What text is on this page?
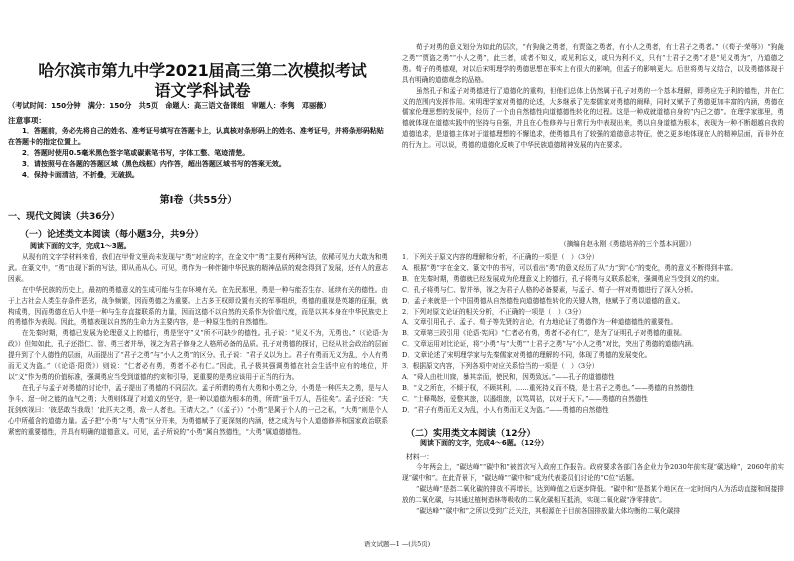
哈尔滨市第九中学2021届高三第二次模拟考试
语文学科试卷
（考试时间：150分钟　满分：150分　共5页　命题人：高三语文备课组　审题人：李隽　邓丽薇）
注意事项：

1．答题前，务必先将自己的姓名、准考证号填写在答题卡上，认真核对条形码上的姓名、准考证号，并将条形码粘贴在答题卡的指定位置上。

2．答题时使用0.5毫米黑色签字笔或碳素笔书写，字体工整、笔迹清楚。

3．请按照号在各题的答题区域（黑色线框）内作答，超出答题区域书写的答案无效。

4．保持卡面清洁，不折叠，无破损。

第Ⅰ卷（共55分）
一、现代文阅读（共36分）
（一）论述类文本阅读（每小题3分，共9分）
阅读下面的文字，完成1～3题。

从现有的文字学材料来看，我们在甲骨文里尚未发现与“勇”对应的字，在金文中“勇”主要有两种写法，依稀可见力大敢为和勇武。在篆文中，“勇”由现下新的写法，即从甬从心。可见，勇作为一种伴随中华民族的精神品质的观念得到了发展，还有人的意志因素。

在中华民族的历史上，最初的勇德意义的生成可能与生存环境有关。在先民那里，勇是一种与能否生存、延续有关的德性。由于上古社会人类生存条件恶劣，战争频繁，因而勇德之为重要。上古多王权即设置有关的军事组织，勇德的重视是英雄的征服，就构成勇，因而勇德在后人中是一种与生存直接联系的力量，因而这德不以自然的关系作为价值尺度，而是以其本身在中华民族史上的勇德作为表现。因此，勇德表现以自然的生命力为主要内容，是一种原生性的自然德性。

在先秦时期，勇德已发展为伦理意义上的德行，勇是坚守“义”所不可缺少的德性。孔子说：“见义不为，无勇也。”（《论语·为政》）但知如此，孔子还指仁、智、勇三者并举，视之为君子修身之人格所必备的品质。孔子对勇德的探讨，已经从社会政治的层面提升到了个人德性的层面，从而提出了“君子之勇”与“小人之勇”的区分。孔子说：“君子义以为上。君子有勇而无义为乱，小人有勇而无义为盗。”（《论语·阳货》）则说：“仁者必有勇，勇者不必有仁。”因此，孔子极其强调勇德在社会生活中应有的地位，并以“义”作为勇的价值标准，强调勇应当受到道德的约束和引导，更重要的是勇应该用于正当的行为。

在孔子与孟子对勇德的讨论中，孟子提出了勇德的不同层次。孟子所谓的勇有大勇和小勇之分，小勇是一种匹夫之勇，是与人争斗、逞一时之能的血气之勇；大勇则体现了对道义的坚守，是一种以道德为根本的勇，所谓“虽千万人，吾往矣”。孟子还说：“夫抚剑疾视曰：‘彼恶敢当我哉！’此匹夫之勇，敌一人者也。王请大之。”（《孟子》）“小勇”是属于个人的一己之私，“大勇”则是个人心中所蕴含的道德力量。孟子把“小勇”与“大勇”区分开来，为勇德赋予了更深刻的内涵，使之成为与个人道德修养和国家政治联系紧密的重要德性，并具有明确的道德意义。可见，孟子所说的“小勇”属自然德性，“大勇”属道德德性。

荀子对勇的意义划分为如此的层次，“有狗彘之勇者，有贾盗之勇者，有小人之勇者，有士君子之勇者。”（《荀子·荣辱》）“狗彘之勇”“贾盗之勇”“小人之勇”，此三者，或者不知义，或见利忘义，或只为利不义，只有“士君子之勇”才是“见义勇为”，乃道德之勇。荀子的勇德观，对以后宋明理学的勇德思想在事实上有很大的影响，但孟子的影响更大。后世将勇与义结合，以及勇德体现于具有明确的道德观念的品格。

虽然孔子和孟子对勇德进行了道德化的重构，但他们总体上仍然属于孔子对勇的一个基本理解，即勇应先于利的德性，并在仁义的范围内发挥作用。宋明理学家对勇德的论述，大多继承了先秦儒家对勇德的阐释，同时又赋予了勇德更加丰富的内涵，勇德在儒家伦理思想的发展中，经历了一个由自然德性向道德德性转化的过程。这是一种成就道德自身的“内己之德”。在理学家那里，勇德就体现在道德实践中的坚持与自强，并且在心性修养与日常行为中表现出来，勇以自身道德为根本，表现为一种不断超越自我的道德追求，是道德主体对于道德理想的不懈追求，使勇德具有了较强的道德意志特征，使之更多地体现在人的精神层面，而非外在的行为上。可以说，勇德的道德化反映了中华民族道德精神发展的内在要求。

（摘编自赵永刚《勇德培养的三个基本问题》）

1．下列关于原文内容的理解和分析，不正确的一项是（　）（3分）

A．根据“勇”字在金文、篆文中的书写，可以看出“勇”的意义经历了从“力”到“心”的变化，勇的意义不断得到丰富。

B．在先秦时期，勇德就已经发展成为伦理意义上的德行，孔子将勇与义联系起来，强调勇应当受到义的约束。

C．孔子将勇与仁、智并举，视之为君子人格的必备要素，与孟子、荀子一样对勇德进行了深入分析。

D．孟子来就是一个中国勇德从自然德性向道德德性转化的关键人物，他赋予了勇以道德的意义。

2．下列对原文论证的相关分析，不正确的一项是（　）（3分）

A．文章引用孔子、孟子、荀子等先贤的言论，有力地论证了勇德作为一种道德德性的重要性。

B．文章第三段引用《论语·宪问》“仁者必有勇，勇者不必有仁”，是为了证明孔子对勇德的重视。

C．文章运用对比论证，将“小勇”与“大勇”“士君子之勇”与“小人之勇”对比，突出了勇德的道德内涵。

D．文章论述了宋明理学家与先秦儒家对勇德的理解的不同，体现了勇德的发展变化。

3．根据原文内容，下列各项中对应关系恰当的一项是（　）（3分）

A．“舜人由杜川寐，暴其亲而，使民和，因勇致远。”——孔子的道德德性

B．“义之所在，不倾于权，不顾其利，……重死持义而不桡，是士君子之勇也。”——勇德的自然德性

C．“士释羯怒，爱整其旅，以遏组旅，以笃周祜，以对于天下。”——勇德的自然德性

D．“君子有勇而无义为乱，小人有勇而无义为盗。”——勇德的自然德性

（二）实用类文本阅读（12分）
阅读下面的文字，完成4～6题。（12分）
材料一：

今年两会上，“碳达峰”“碳中和”被首次写入政府工作报告。政府要求各部门各企业力争2030年前实现“碳达峰”，2060年前实现“碳中和”。在此背景下，“碳达峰”“碳中和”成为代表委员们讨论的“C位”话题。

“碳达峰”是指二氧化碳的排放不再增长，达到峰值之后逐步降低。“碳中和”是指某个地区在一定时间内人为活动直接和间接排放的二氧化碳，与其通过植树造林等吸收的二氧化碳相互抵消，实现二氧化碳“净零排放”。

“碳达峰”“碳中和”之所以受到广泛关注，其根源在于目前各国排放量大体均衡的二氧化碳排

语文试题—1 —(共5页)
